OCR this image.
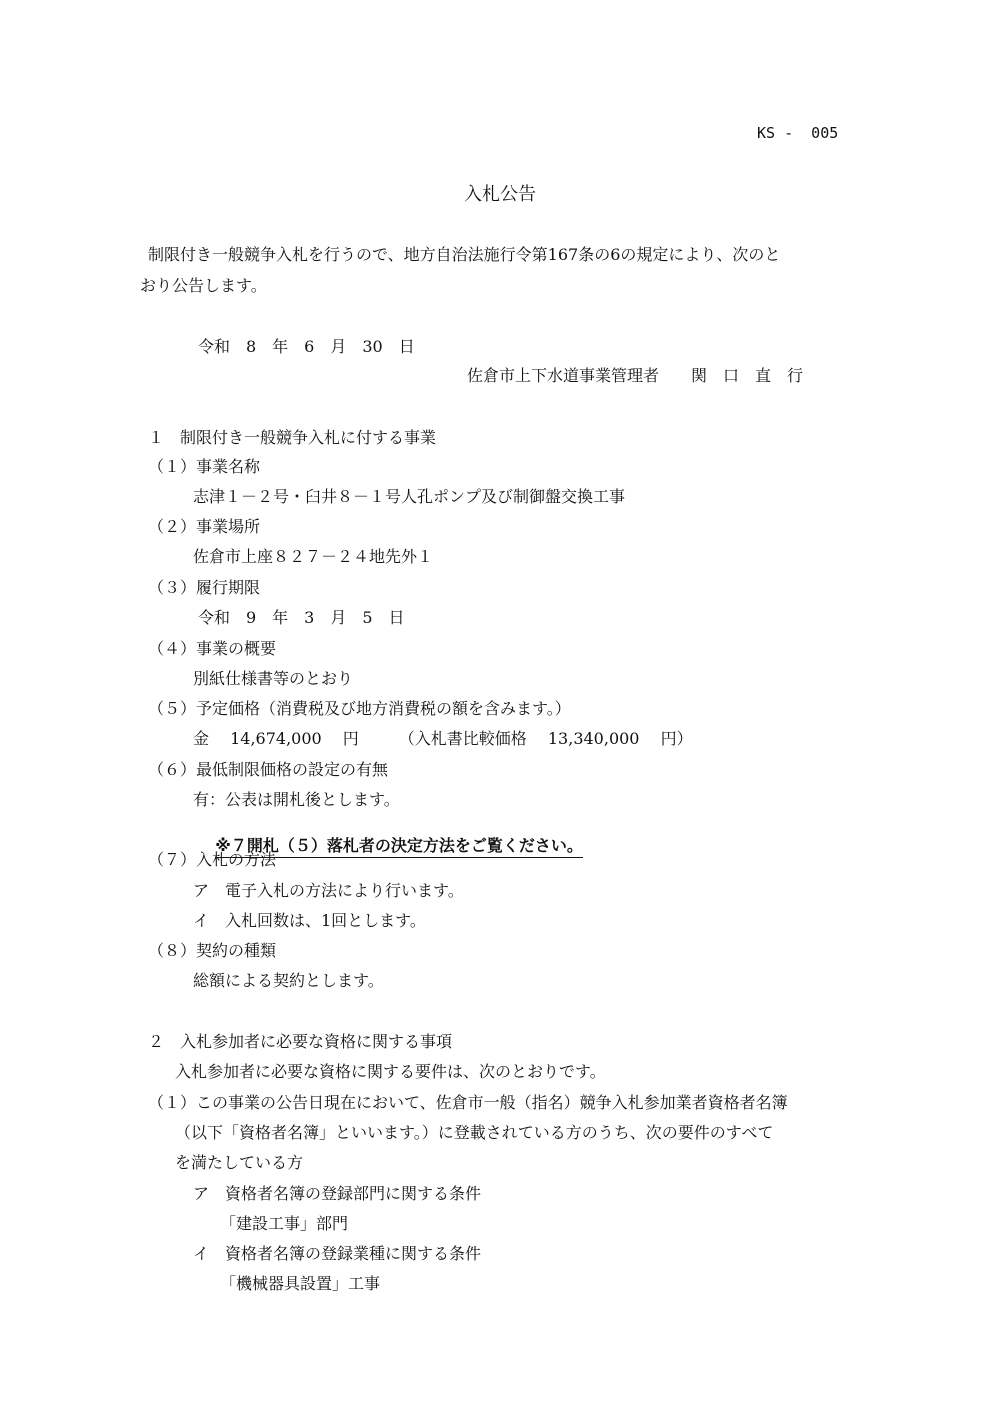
KS -  005
入札公告
制限付き一般競争入札を行うので、地方自治法施行令第167条の6の規定により、次のと
おり公告します。
令和　8　年　6　月　30　日
佐倉市上下水道事業管理者　　関　口　直　行
１　制限付き一般競争入札に付する事業
（１）事業名称
志津１－２号・臼井８－１号人孔ポンプ及び制御盤交換工事
（２）事業場所
佐倉市上座８２７－２４地先外１
（３）履行期限
令和　9　年　3　月　5　日
（４）事業の概要
別紙仕様書等のとおり
（５）予定価格（消費税及び地方消費税の額を含みます。）
金　 14,674,000　 円　　　（入札書比較価格　 13,340,000　 円）
（６）最低制限価格の設定の有無
有：公表は開札後とします。

※７開札（５）落札者の決定方法をご覧ください。

（７）入札の方法
ア　電子入札の方法により行います。
イ　入札回数は、1回とします。
（８）契約の種類
総額による契約とします。
２　入札参加者に必要な資格に関する事項
入札参加者に必要な資格に関する要件は、次のとおりです。
（１）この事業の公告日現在において、佐倉市一般（指名）競争入札参加業者資格者名簿
（以下「資格者名簿」といいます。）に登載されている方のうち、次の要件のすべて
を満たしている方
ア　資格者名簿の登録部門に関する条件
「建設工事」部門
イ　資格者名簿の登録業種に関する条件
「機械器具設置」工事
